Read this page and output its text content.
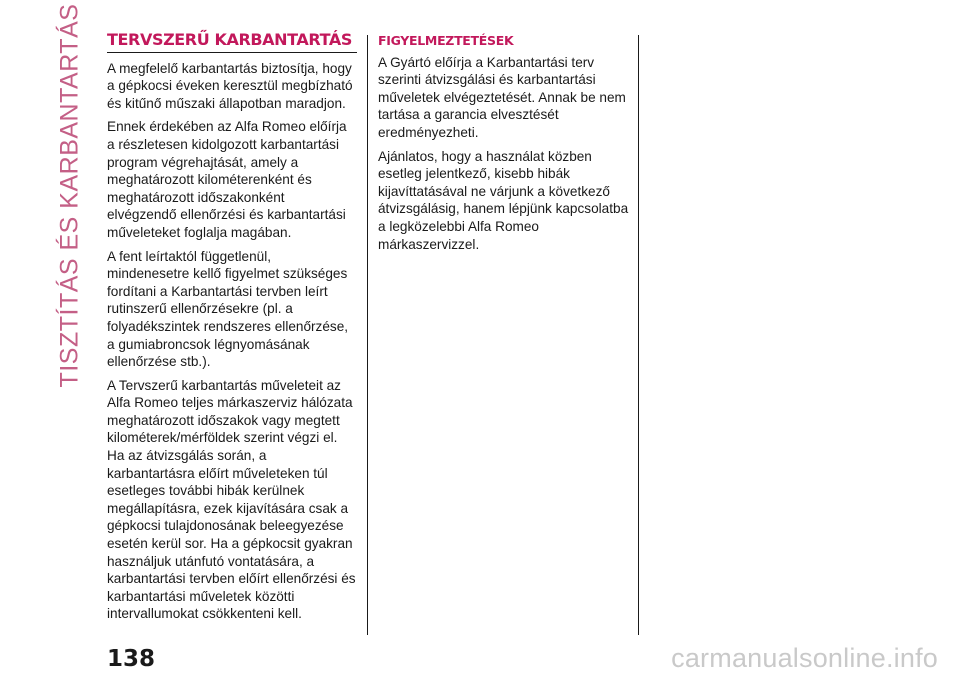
TISZTÍTÁS ÉS KARBANTARTÁS TERVSZERŰ KARBANTARTÁS

A megfelelő karbantartás biztosítja, hogy a gépkocsi éveken keresztül megbízható és kitűnő műszaki állapotban maradjon.

Ennek érdekében az Alfa Romeo előírja a részletesen kidolgozott karbantartási program végrehajtását, amely a meghatározott kilométerenként és meghatározott időszakonként elvégzendő ellenőrzési és karbantartási műveleteket foglalja magában.

A fent leírtaktól függetlenül, mindenesetre kellő figyelmet szükséges fordítani a Karbantartási tervben leírt rutinszerű ellenőrzésekre (pl. a folyadékszintek rendszeres ellenőrzése, a gumiabroncsok légnyomásának ellenőrzése stb.).

A Tervszerű karbantartás műveleteit az Alfa Romeo teljes márkaszerviz hálózata meghatározott időszakok vagy megtett kilométerek/mérföldek szerint végzi el. Ha az átvizsgálás során, a karbantartásra előírt műveleteken túl esetleges további hibák kerülnek megállapításra, ezek kijavítására csak a gépkocsi tulajdonosának beleegyezése esetén kerül sor. Ha a gépkocsit gyakran használjuk utánfutó vontatására, a karbantartási tervben előírt ellenőrzési és karbantartási műveletek közötti intervallumokat csökkenteni kell.

FIGYELMEZTETÉSEK

A Gyártó előírja a Karbantartási terv szerinti átvizsgálási és karbantartási műveletek elvégeztetését. Annak be nem tartása a garancia elvesztését eredményezheti.

Ajánlatos, hogy a használat közben esetleg jelentkező, kisebb hibák kijavíttatásával ne várjunk a következő átvizsgálásig, hanem lépjünk kapcsolatba a legközelebbi Alfa Romeo márkaszervizzel.

138	carmanualsonline.info
